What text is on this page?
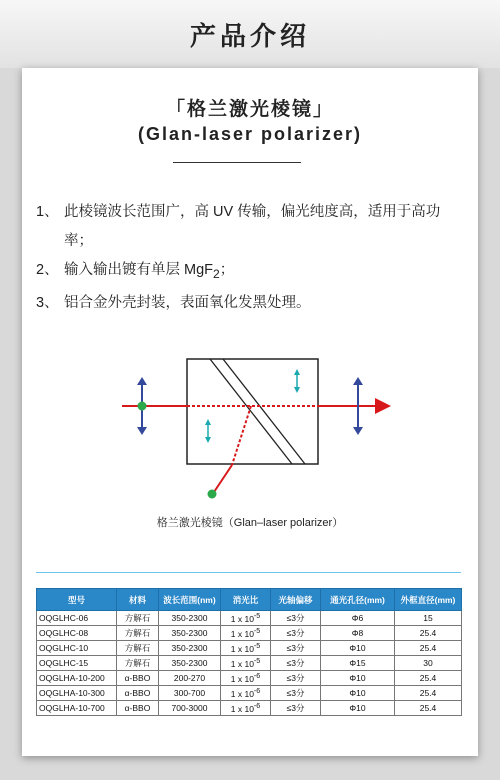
产品介绍
「格兰激光棱镜」
(Glan-laser polarizer)
1、 此棱镜波长范围广，高 UV 传输，偏光纯度高，适用于高功率；
2、 输入输出镀有单层 MgF$_2$；
3、 铝合金外壳封装，表面氧化发黑处理。
格兰激光棱镜（Glan–laser polarizer）
型号	材料	波长范围(nm)	消光比	光轴偏移	通光孔径(mm)	外框直径(mm)
OQGLHC-06	方解石	350-2300	1 x $10^{-5}$	≤3分	Φ6	15
OQGLHC-08	方解石	350-2300	1 x $10^{-5}$	≤3分	Φ8	25.4
OQGLHC-10	方解石	350-2300	1 x $10^{-5}$	≤3分	Φ10	25.4
OQGLHC-15	方解石	350-2300	1 x $10^{-5}$	≤3分	Φ15	30
OQGLHA-10-200	α-BBO	200-270	1 x $10^{-6}$	≤3分	Φ10	25.4
OQGLHA-10-300	α-BBO	300-700	1 x $10^{-6}$	≤3分	Φ10	25.4
OQGLHA-10-700	α-BBO	700-3000	1 x $10^{-6}$	≤3分	Φ10	25.4
